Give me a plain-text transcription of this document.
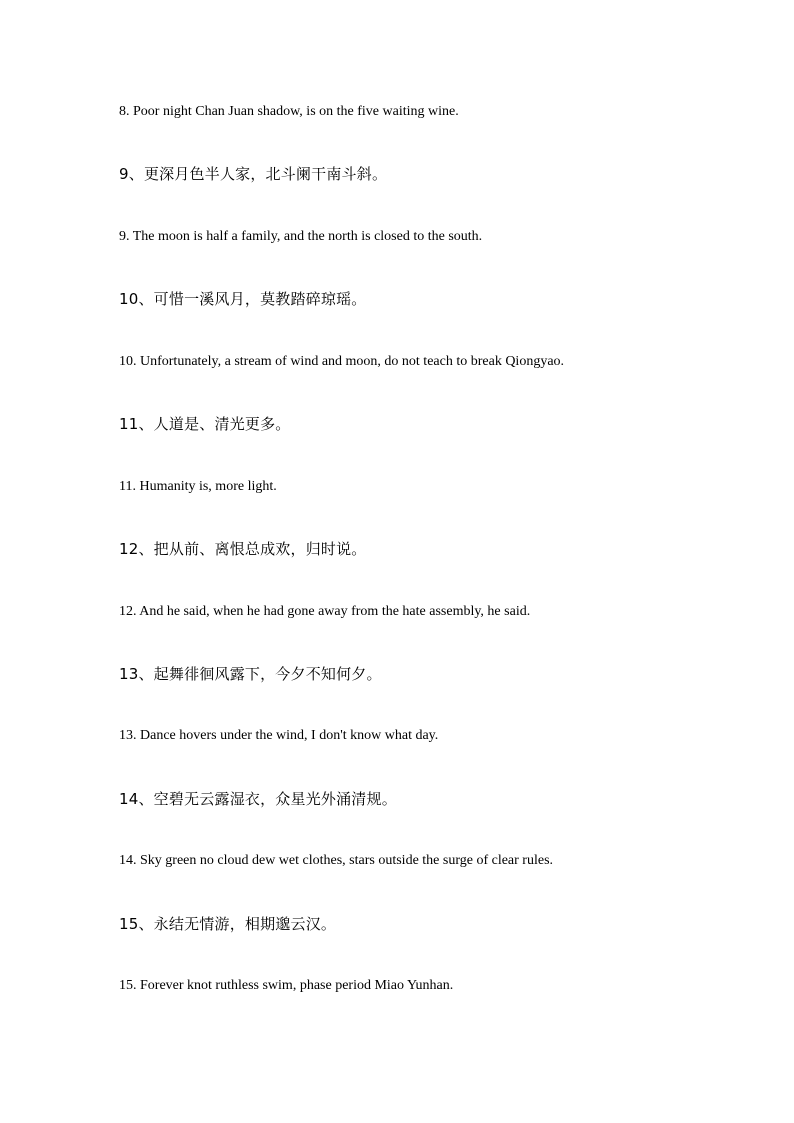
8. Poor night Chan Juan shadow, is on the five waiting wine.
9、更深月色半人家，北斗阑干南斗斜。
9. The moon is half a family, and the north is closed to the south.
10、可惜一溪风月，莫教踏碎琼瑶。
10. Unfortunately, a stream of wind and moon, do not teach to break Qiongyao.
11、人道是、清光更多。
11. Humanity is, more light.
12、把从前、离恨总成欢，归时说。
12. And he said, when he had gone away from the hate assembly, he said.
13、起舞徘徊风露下，今夕不知何夕。
13. Dance hovers under the wind, I don't know what day.
14、空碧无云露湿衣，众星光外涌清规。
14. Sky green no cloud dew wet clothes, stars outside the surge of clear rules.
15、永结无情游，相期邈云汉。
15. Forever knot ruthless swim, phase period Miao Yunhan.
